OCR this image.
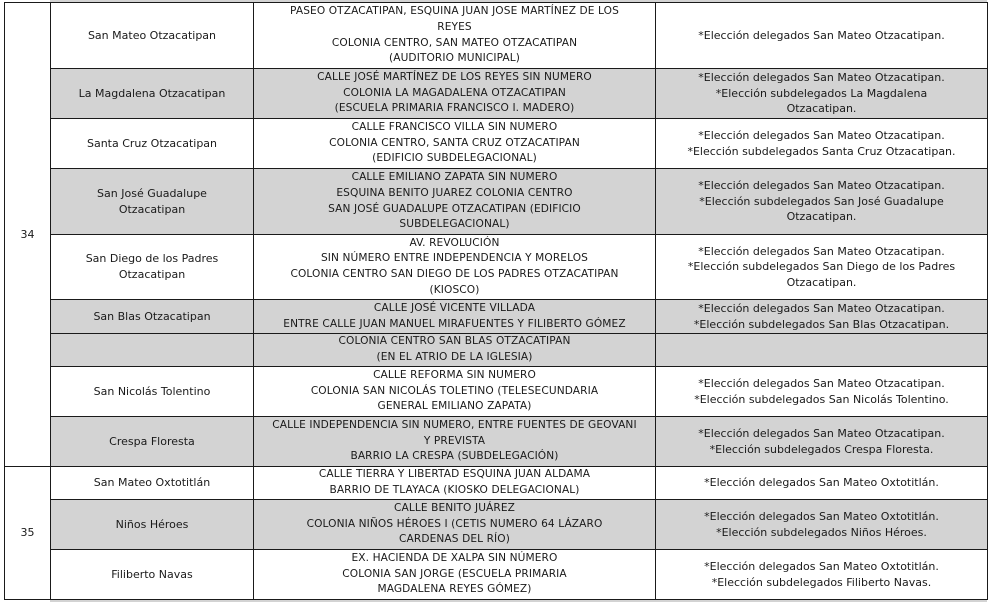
34	San Mateo Otzacatipan	PASEO OTZACATIPAN, ESQUINA JUAN JOSE MARTÍNEZ DE LOS
REYES
COLONIA CENTRO, SAN MATEO OTZACATIPAN
(AUDITORIO MUNICIPAL)	*Elección delegados San Mateo Otzacatipan.

	La Magdalena Otzacatipan	CALLE JOSÉ MARTÍNEZ DE LOS REYES SIN NUMERO
COLONIA LA MAGADALENA OTZACATIPAN
(ESCUELA PRIMARIA FRANCISCO I. MADERO)	*Elección delegados San Mateo Otzacatipan.
*Elección subdelegados La Magdalena
Otzacatipan.

	Santa Cruz Otzacatipan	CALLE FRANCISCO VILLA SIN NUMERO
COLONIA CENTRO, SANTA CRUZ OTZACATIPAN
(EDIFICIO SUBDELEGACIONAL)	*Elección delegados San Mateo Otzacatipan.
*Elección subdelegados Santa Cruz Otzacatipan.

	San José Guadalupe
Otzacatipan	CALLE EMILIANO ZAPATA SIN NUMERO
ESQUINA BENITO JUAREZ COLONIA CENTRO
SAN JOSÉ GUADALUPE OTZACATIPAN (EDIFICIO
SUBDELEGACIONAL)	*Elección delegados San Mateo Otzacatipan.
*Elección subdelegados San José Guadalupe
Otzacatipan.

	San Diego de los Padres
Otzacatipan	AV. REVOLUCIÓN
SIN NÚMERO ENTRE INDEPENDENCIA Y MORELOS
COLONIA CENTRO SAN DIEGO DE LOS PADRES OTZACATIPAN
(KIOSCO)	*Elección delegados San Mateo Otzacatipan.
*Elección subdelegados San Diego de los Padres
Otzacatipan.

	San Blas Otzacatipan	CALLE JOSÉ VICENTE VILLADA
ENTRE CALLE JUAN MANUEL MIRAFUENTES Y FILIBERTO GÓMEZ	*Elección delegados San Mateo Otzacatipan.
*Elección subdelegados San Blas Otzacatipan.

		COLONIA CENTRO SAN BLAS OTZACATIPAN
(EN EL ATRIO DE LA IGLESIA)	

	San Nicolás Tolentino	CALLE REFORMA SIN NUMERO
COLONIA SAN NICOLÁS TOLETINO (TELESECUNDARIA
GENERAL EMILIANO ZAPATA)	*Elección delegados San Mateo Otzacatipan.
*Elección subdelegados San Nicolás Tolentino.

	Crespa Floresta	CALLE INDEPENDENCIA SIN NUMERO, ENTRE FUENTES DE GEOVANI
Y PREVISTA
BARRIO LA CRESPA (SUBDELEGACIÓN)	*Elección delegados San Mateo Otzacatipan.
*Elección subdelegados Crespa Floresta.

35	San Mateo Oxtotitlán	CALLE TIERRA Y LIBERTAD ESQUINA JUAN ALDAMA
BARRIO DE TLAYACA (KIOSKO DELEGACIONAL)	*Elección delegados San Mateo Oxtotitlán.

	Niños Héroes	CALLE BENITO JUÁREZ
COLONIA NIÑOS HÉROES I (CETIS NUMERO 64 LÁZARO
CARDENAS DEL RÍO)	*Elección delegados San Mateo Oxtotitlán.
*Elección subdelegados Niños Héroes.

	Filiberto Navas	EX. HACIENDA DE XALPA SIN NÚMERO
COLONIA SAN JORGE (ESCUELA PRIMARIA
MAGDALENA REYES GÓMEZ)	*Elección delegados San Mateo Oxtotitlán.
*Elección subdelegados Filiberto Navas.
